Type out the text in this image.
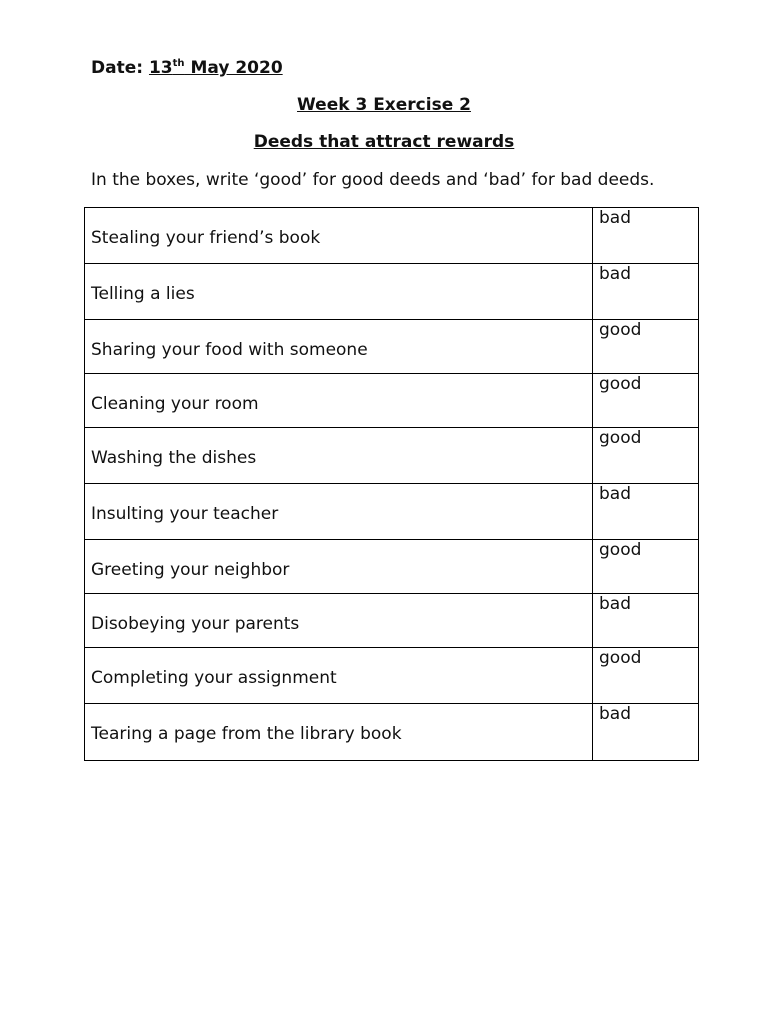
Date: 13th May 2020
Week 3 Exercise 2
Deeds that attract rewards
In the boxes, write ‘good’ for good deeds and ‘bad’ for bad deeds.
Stealing your friend’s book	bad

Telling a lies	bad

Sharing your food with someone	good

Cleaning your room	good

Washing the dishes	good

Insulting your teacher	bad

Greeting your neighbor	good

Disobeying your parents	bad

Completing your assignment	good

Tearing a page from the library book	bad
